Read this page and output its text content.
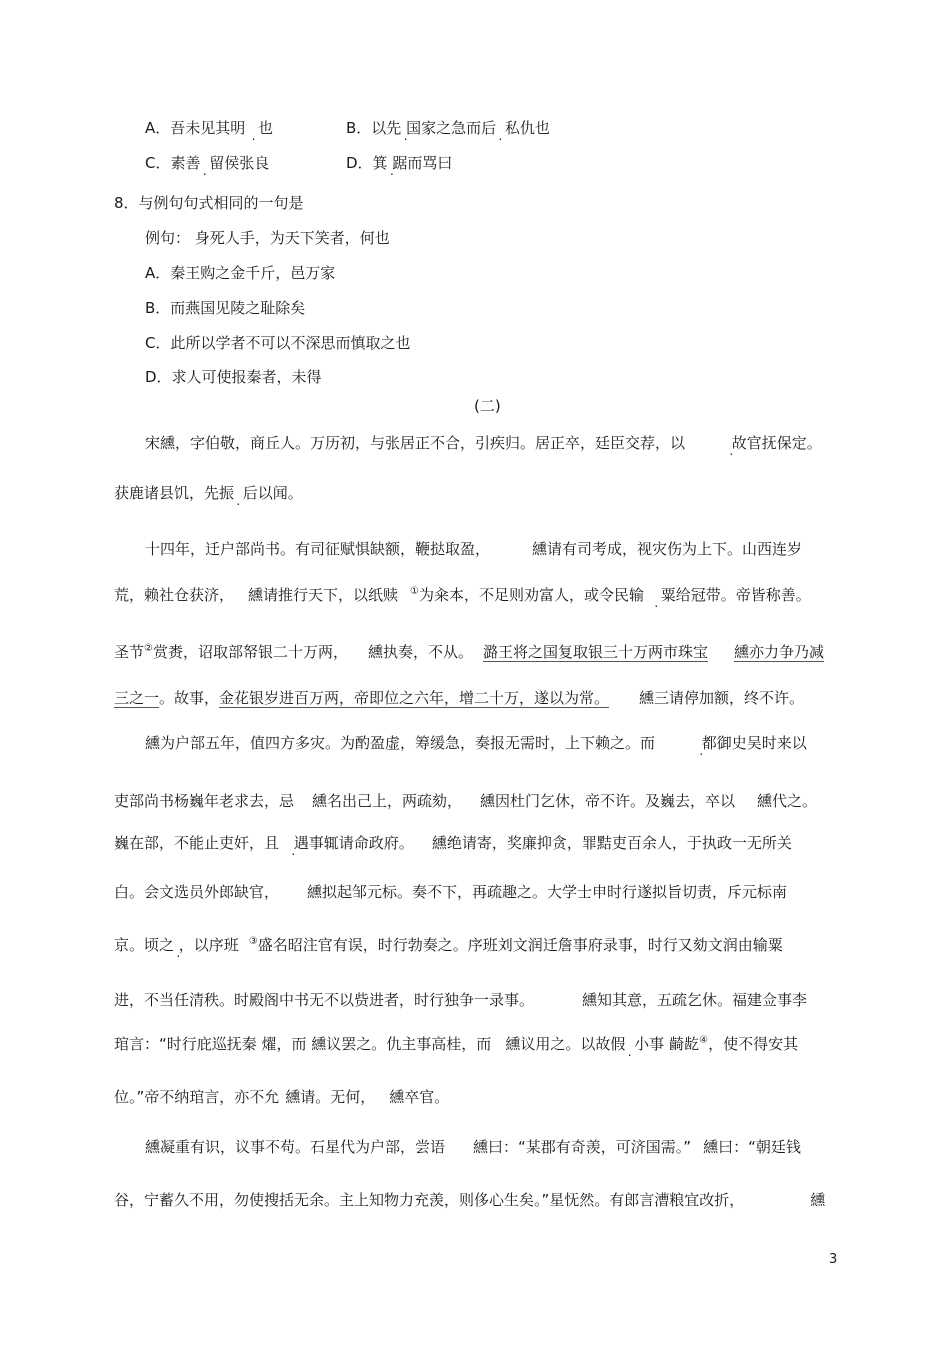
A．吾未见其明 . 也	B．以先 . 国家之急而后 . 私仇也
C．素善 . 留侯张良	D．箕 . 踞而骂曰
8．与例句句式相同的一句是
例句： 身死人手，为天下笑者，何也
A．秦王购之金千斤，邑万家
B．而燕国见陵之耻除矣
C．此所以学者不可以不深思而慎取之也
D．求人可使报秦者，未得
(二)
宋纁，字伯敬，商丘人。万历初，与张居正不合，引疾归。居正卒，廷臣交荐，以 .	故官抚保定。
获鹿诸县饥，先振 . 后以闻。
十四年，迁户部尚书。有司征赋惧缺额，鞭挞取盈，	纁请有司考成，视灾伤为上下。山西连岁
荒，赖社仓获济， 纁请推行天下，以纸赎 ①为籴本，不足则劝富人，或令民输 . 粟给冠带。帝皆称善。
圣节②赏赉，诏取部帑银二十万两， 纁执奏，不从。 潞王将之国复取银三十万两市珠宝 纁亦力争乃减
三之一。故事，金花银岁进百万两，帝即位之六年，增二十万，遂以为常。 纁三请停加额，终不许。
纁为户部五年，值四方多灾。为酌盈虚，筹缓急，奏报无需时，上下赖之。而 .	都御史吴时来以
吏部尚书杨巍年老求去，忌 纁名出己上，两疏劾， 纁因杜门乞休，帝不许。及巍去，卒以 纁代之。
巍在部，不能止吏奸，且 . 遇事辄请命政府。 纁绝请寄，奖廉抑贪，罪黠吏百余人，于执政一无所关
白。会文选员外郎缺官， 纁拟起邹元标。奏不下，再疏趣之。大学士申时行遂拟旨切责，斥元标南
京。顷之 . ，以序班 ③盛名昭注官有误，时行勃奏之。序班刘文润迁詹事府录事，时行又劾文润由输粟
进，不当任清秩。时殿阁中书无不以赀进者，时行独争一录事。	纁知其意，五疏乞休。福建佥事李
琯言：“时行庇巡抚秦 燿，而 纁议罢之。仇主事高桂，而 纁议用之。以故假 . 小事 齮龁④，使不得安其
位。”帝不纳琯言，亦不允 纁请。无何， 纁卒官。
纁凝重有识，议事不苟。石星代为户部，尝语 纁曰：“某郡有奇羡，可济国需。” 纁曰：“朝廷钱
谷，宁蓄久不用，勿使搜括无余。主上知物力充羡，则侈心生矣。”星怃然。有郎言漕粮宜改折，	纁
3
